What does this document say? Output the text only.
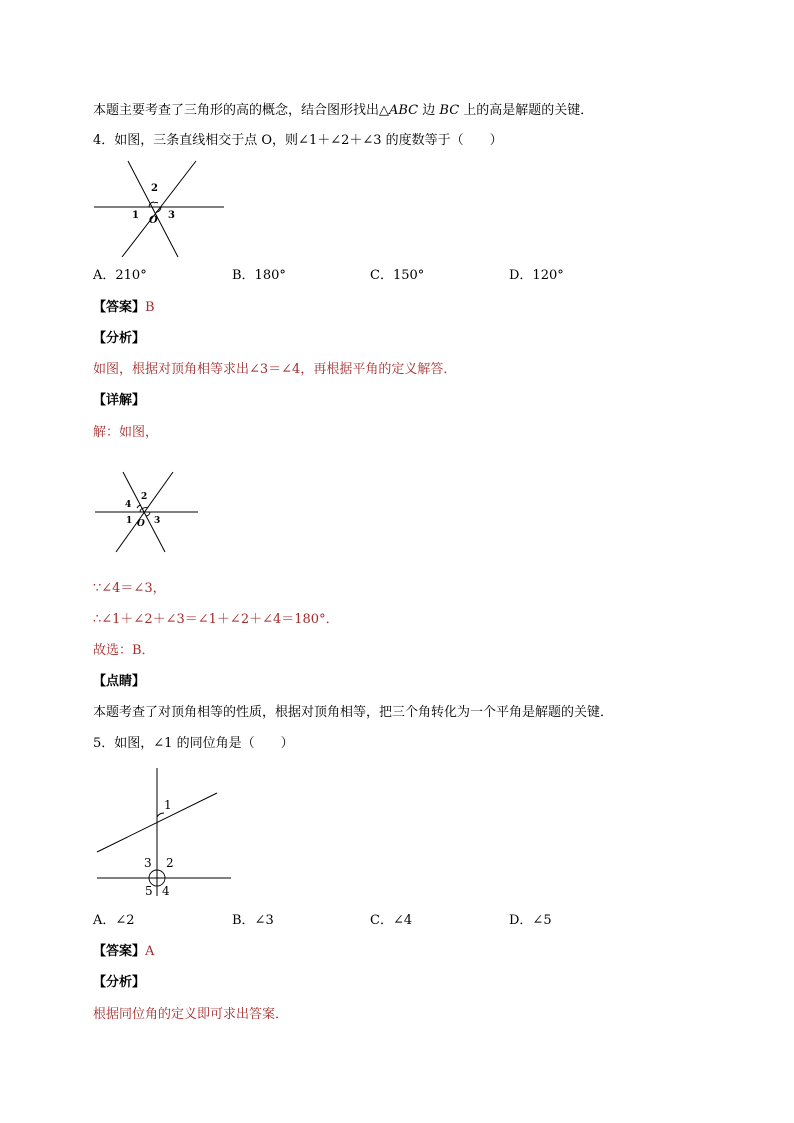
本题主要考查了三角形的高的概念，结合图形找出△ABC 边 BC 上的高是解题的关键．
4．如图，三条直线相交于点 O，则∠1＋∠2＋∠3 的度数等于（　　）
2
1	3
O
A．210°	B．180°	C．150°	D．120°
【答案】B
【分析】
如图，根据对顶角相等求出∠3＝∠4，再根据平角的定义解答．
【详解】
解：如图，
4
2
1 3
O
∵∠4＝∠3，
∴∠1＋∠2＋∠3＝∠1＋∠2＋∠4＝180°．
故选：B．
【点睛】
本题考查了对顶角相等的性质，根据对顶角相等，把三个角转化为一个平角是解题的关键．
5．如图，∠1 的同位角是（　　）
1
3 2
5 4
A．∠2	B．∠3	C．∠4	D．∠5
【答案】A
【分析】
根据同位角的定义即可求出答案．
